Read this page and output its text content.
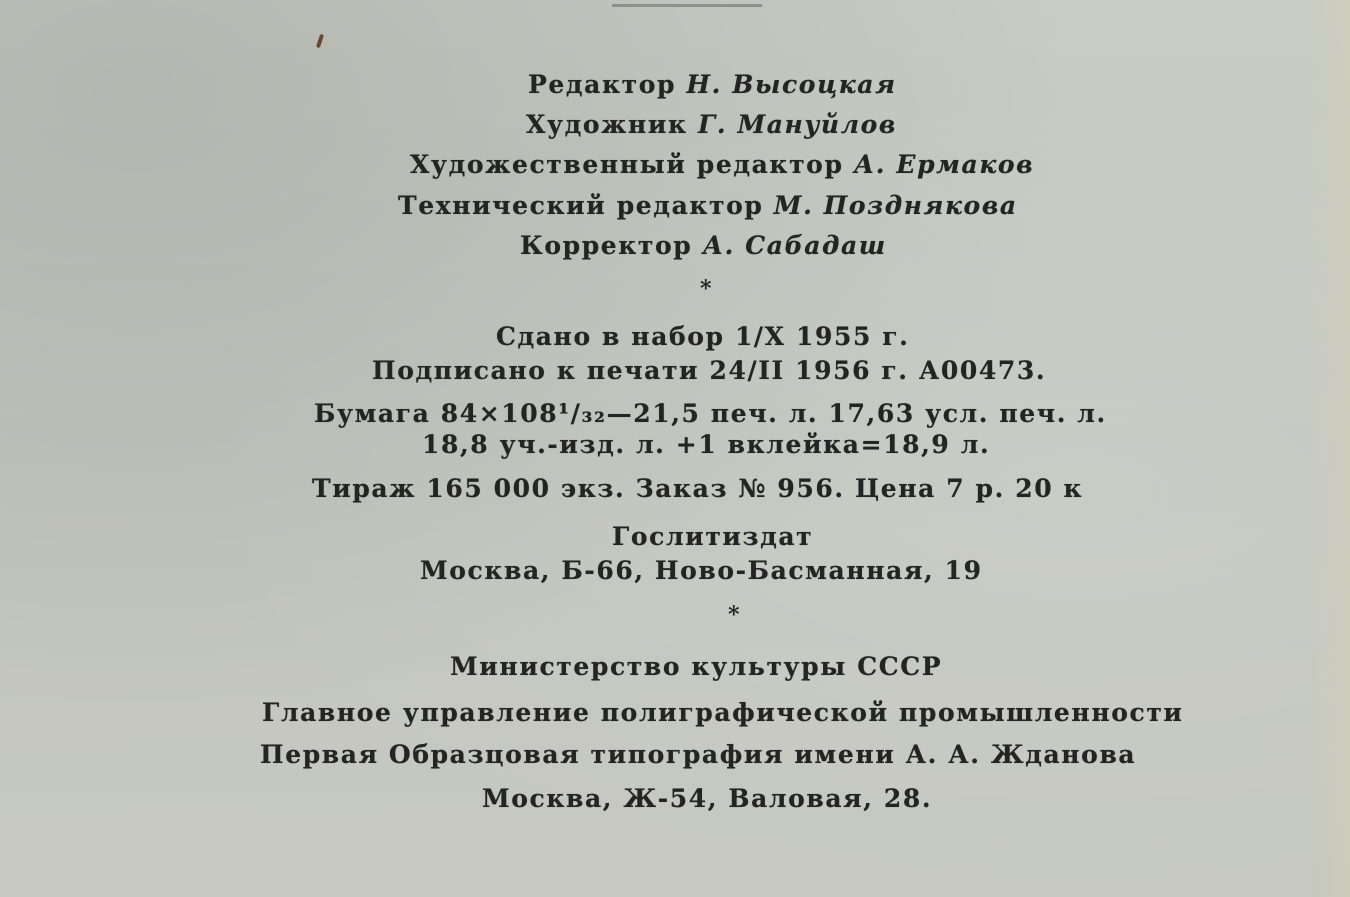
Редактор Н. Высоцкая
Художник Г. Мануйлов
Художественный редактор А. Ермаков
Технический редактор М. Позднякова
Корректор А. Сабадаш
*
Сдано в набор 1/X 1955 г.
Подписано к печати 24/II 1956 г. А00473.
Бумага 84×108¹/₃₂—21,5 печ. л. 17,63 усл. печ. л.
18,8 уч.-изд. л. +1 вклейка=18,9 л.
Тираж 165 000 экз. Заказ № 956. Цена 7 р. 20 к
Гослитиздат
Москва, Б-66, Ново-Басманная, 19
*
Министерство культуры СССР
Главное управление полиграфической промышленности
Первая Образцовая типография имени А. А. Жданова
Москва, Ж-54, Валовая, 28.
